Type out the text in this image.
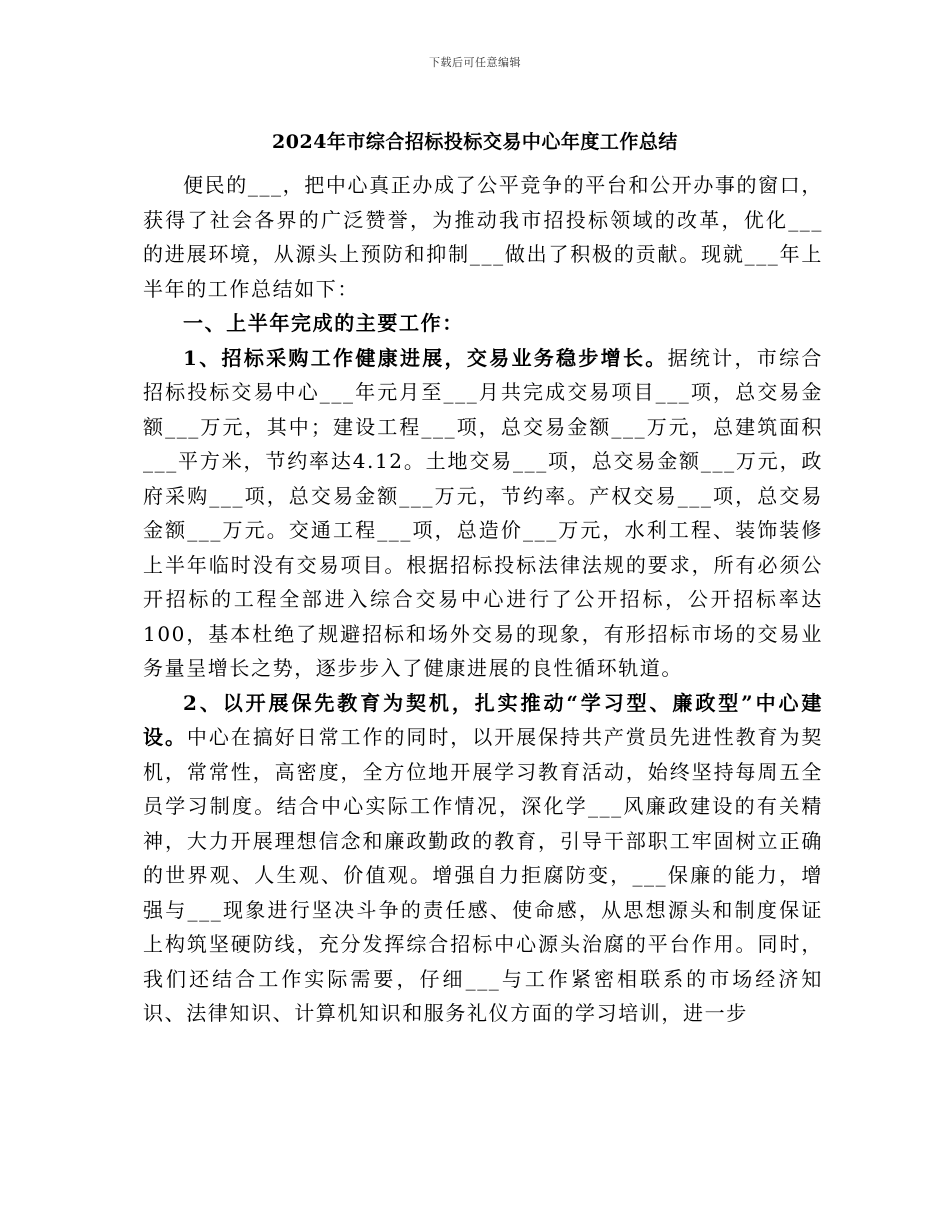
下载后可任意编辑
2024年市综合招标投标交易中心年度工作总结

便民的___，把中心真正办成了公平竞争的平台和公开办事的窗口，获得了社会各界的广泛赞誉，为推动我市招投标领域的改革，优化___的进展环境，从源头上预防和抑制___做出了积极的贡献。现就___年上半年的工作总结如下：

一、上半年完成的主要工作：

1、招标采购工作健康进展，交易业务稳步增长。据统计，市综合招标投标交易中心___年元月至___月共完成交易项目___项，总交易金额___万元，其中；建设工程___项，总交易金额___万元，总建筑面积___平方米，节约率达4.12。土地交易___项，总交易金额___万元，政府采购___项，总交易金额___万元，节约率。产权交易___项，总交易金额___万元。交通工程___项，总造价___万元，水利工程、装饰装修上半年临时没有交易项目。根据招标投标法律法规的要求，所有必须公开招标的工程全部进入综合交易中心进行了公开招标，公开招标率达100，基本杜绝了规避招标和场外交易的现象，有形招标市场的交易业务量呈增长之势，逐步步入了健康进展的良性循环轨道。

2、以开展保先教育为契机，扎实推动“学习型、廉政型”中心建设。中心在搞好日常工作的同时，以开展保持共产赏员先进性教育为契机，常常性，高密度，全方位地开展学习教育活动，始终坚持每周五全员学习制度。结合中心实际工作情况，深化学___风廉政建设的有关精神，大力开展理想信念和廉政勤政的教育，引导干部职工牢固树立正确的世界观、人生观、价值观。增强自力拒腐防变，___保廉的能力，增强与___现象进行坚决斗争的责任感、使命感，从思想源头和制度保证上构筑坚硬防线，充分发挥综合招标中心源头治腐的平台作用。同时，我们还结合工作实际需要，仔细___与工作紧密相联系的市场经济知识、法律知识、计算机知识和服务礼仪方面的学习培训，进一步
